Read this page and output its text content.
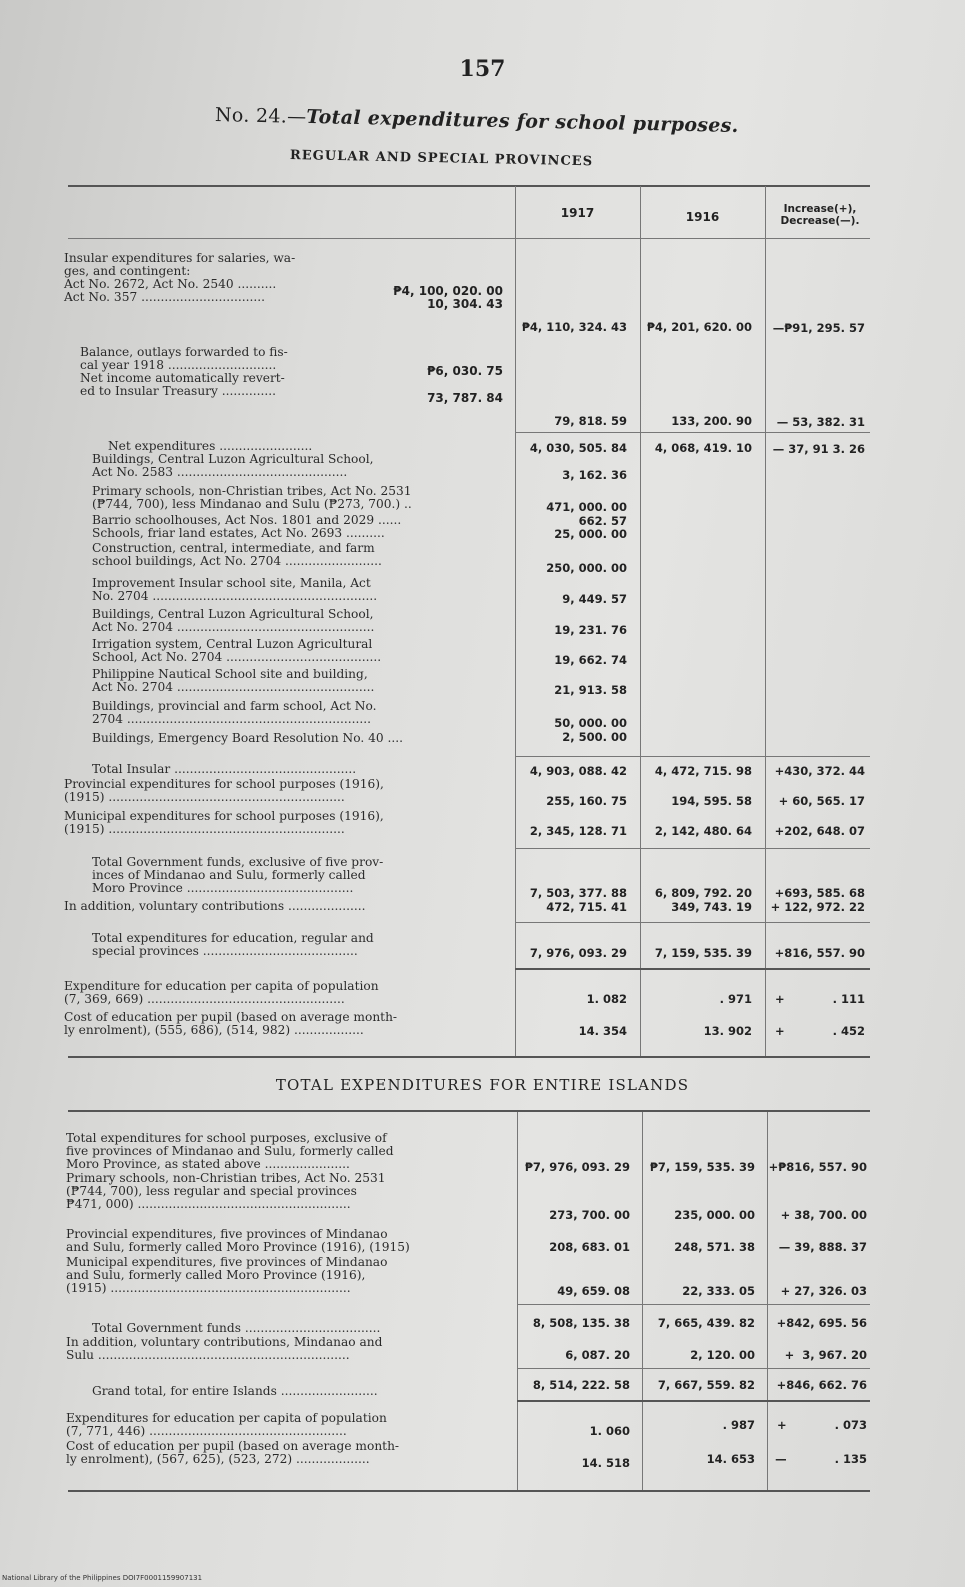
157
No. 24.—Total expenditures for school purposes.
REGULAR AND SPECIAL PROVINCES
1917	1916
Increase(+),
Decrease(—).
Insular expenditures for salaries, wa-
ges, and contingent:
Act No. 2672, Act No. 2540 ..........
Act No. 357 ................................	₱4, 100, 020. 00
10, 304. 43
₱4, 110, 324. 43	₱4, 201, 620. 00	—₱91, 295. 57
Balance, outlays forwarded to fis-
cal year 1918 ............................
Net income automatically revert-
ed to Insular Treasury ..............
₱6, 030. 75
73, 787. 84
79, 818. 59	133, 200. 90	— 53, 382. 31
Net expenditures ........................	4, 030, 505. 84	4, 068, 419. 10	— 37, 91 3. 26
Buildings, Central Luzon Agricultural School,
Act No. 2583 ............................................	3, 162. 36
Primary schools, non-Christian tribes, Act No. 2531
(₱744, 700), less Mindanao and Sulu (₱273, 700.) ..	471, 000. 00
Barrio schoolhouses, Act Nos. 1801 and 2029 ......	662. 57
Schools, friar land estates, Act No. 2693 ..........	25, 000. 00
Construction, central, intermediate, and farm
school buildings, Act No. 2704 .........................	250, 000. 00
Improvement Insular school site, Manila, Act
No. 2704 ..........................................................	9, 449. 57
Buildings, Central Luzon Agricultural School,
Act No. 2704 ...................................................	19, 231. 76
Irrigation system, Central Luzon Agricultural
School, Act No. 2704 ........................................	19, 662. 74
Philippine Nautical School site and building,
Act No. 2704 ...................................................	21, 913. 58
Buildings, provincial and farm school, Act No.
2704 ...............................................................	50, 000. 00
Buildings, Emergency Board Resolution No. 40 ....	2, 500. 00
Total Insular ...............................................	4, 903, 088. 42	4, 472, 715. 98	+430, 372. 44
Provincial expenditures for school purposes (1916),
(1915) .............................................................	255, 160. 75	194, 595. 58	+ 60, 565. 17
Municipal expenditures for school purposes (1916),
(1915) .............................................................	2, 345, 128. 71	2, 142, 480. 64	+202, 648. 07
Total Government funds, exclusive of five prov-
inces of Mindanao and Sulu, formerly called
Moro Province ...........................................	7, 503, 377. 88	6, 809, 792. 20	+693, 585. 68
In addition, voluntary contributions ....................	472, 715. 41	349, 743. 19	+ 122, 972. 22
Total expenditures for education, regular and
special provinces ........................................	7, 976, 093. 29	7, 159, 535. 39	+816, 557. 90
Expenditure for education per capita of population
(7, 369, 669) ...................................................	1. 082	. 971	+            . 111
Cost of education per pupil (based on average month-
ly enrolment), (555, 686), (514, 982) ..................	14. 354	13. 902	+            . 452
TOTAL EXPENDITURES FOR ENTIRE ISLANDS
Total expenditures for school purposes, exclusive of
five provinces of Mindanao and Sulu, formerly called
Moro Province, as stated above ......................	₱7, 976, 093. 29	₱7, 159, 535. 39 +₱816, 557. 90
Primary schools, non-Christian tribes, Act No. 2531
(₱744, 700), less regular and special provinces
₱471, 000) .......................................................
273, 700. 00	235, 000. 00	+ 38, 700. 00
Provincial expenditures, five provinces of Mindanao
and Sulu, formerly called Moro Province (1916), (1915)	208, 683. 01	248, 571. 38	— 39, 888. 37
Municipal expenditures, five provinces of Mindanao
and Sulu, formerly called Moro Province (1916),
(1915) ..............................................................	49, 659. 08	22, 333. 05	+ 27, 326. 03
Total Government funds ...................................	8, 508, 135. 38	7, 665, 439. 82	+842, 695. 56
In addition, voluntary contributions, Mindanao and
Sulu .................................................................	6, 087. 20	2, 120. 00	+  3, 967. 20
Grand total, for entire Islands .........................	8, 514, 222. 58	7, 667, 559. 82	+846, 662. 76
Expenditures for education per capita of population
(7, 771, 446) ...................................................	1. 060	. 987	+            . 073
Cost of education per pupil (based on average month-
ly enrolment), (567, 625), (523, 272) ...................	14. 518	14. 653	—            . 135
National Library of the Philippines DOI7F0001159907131
